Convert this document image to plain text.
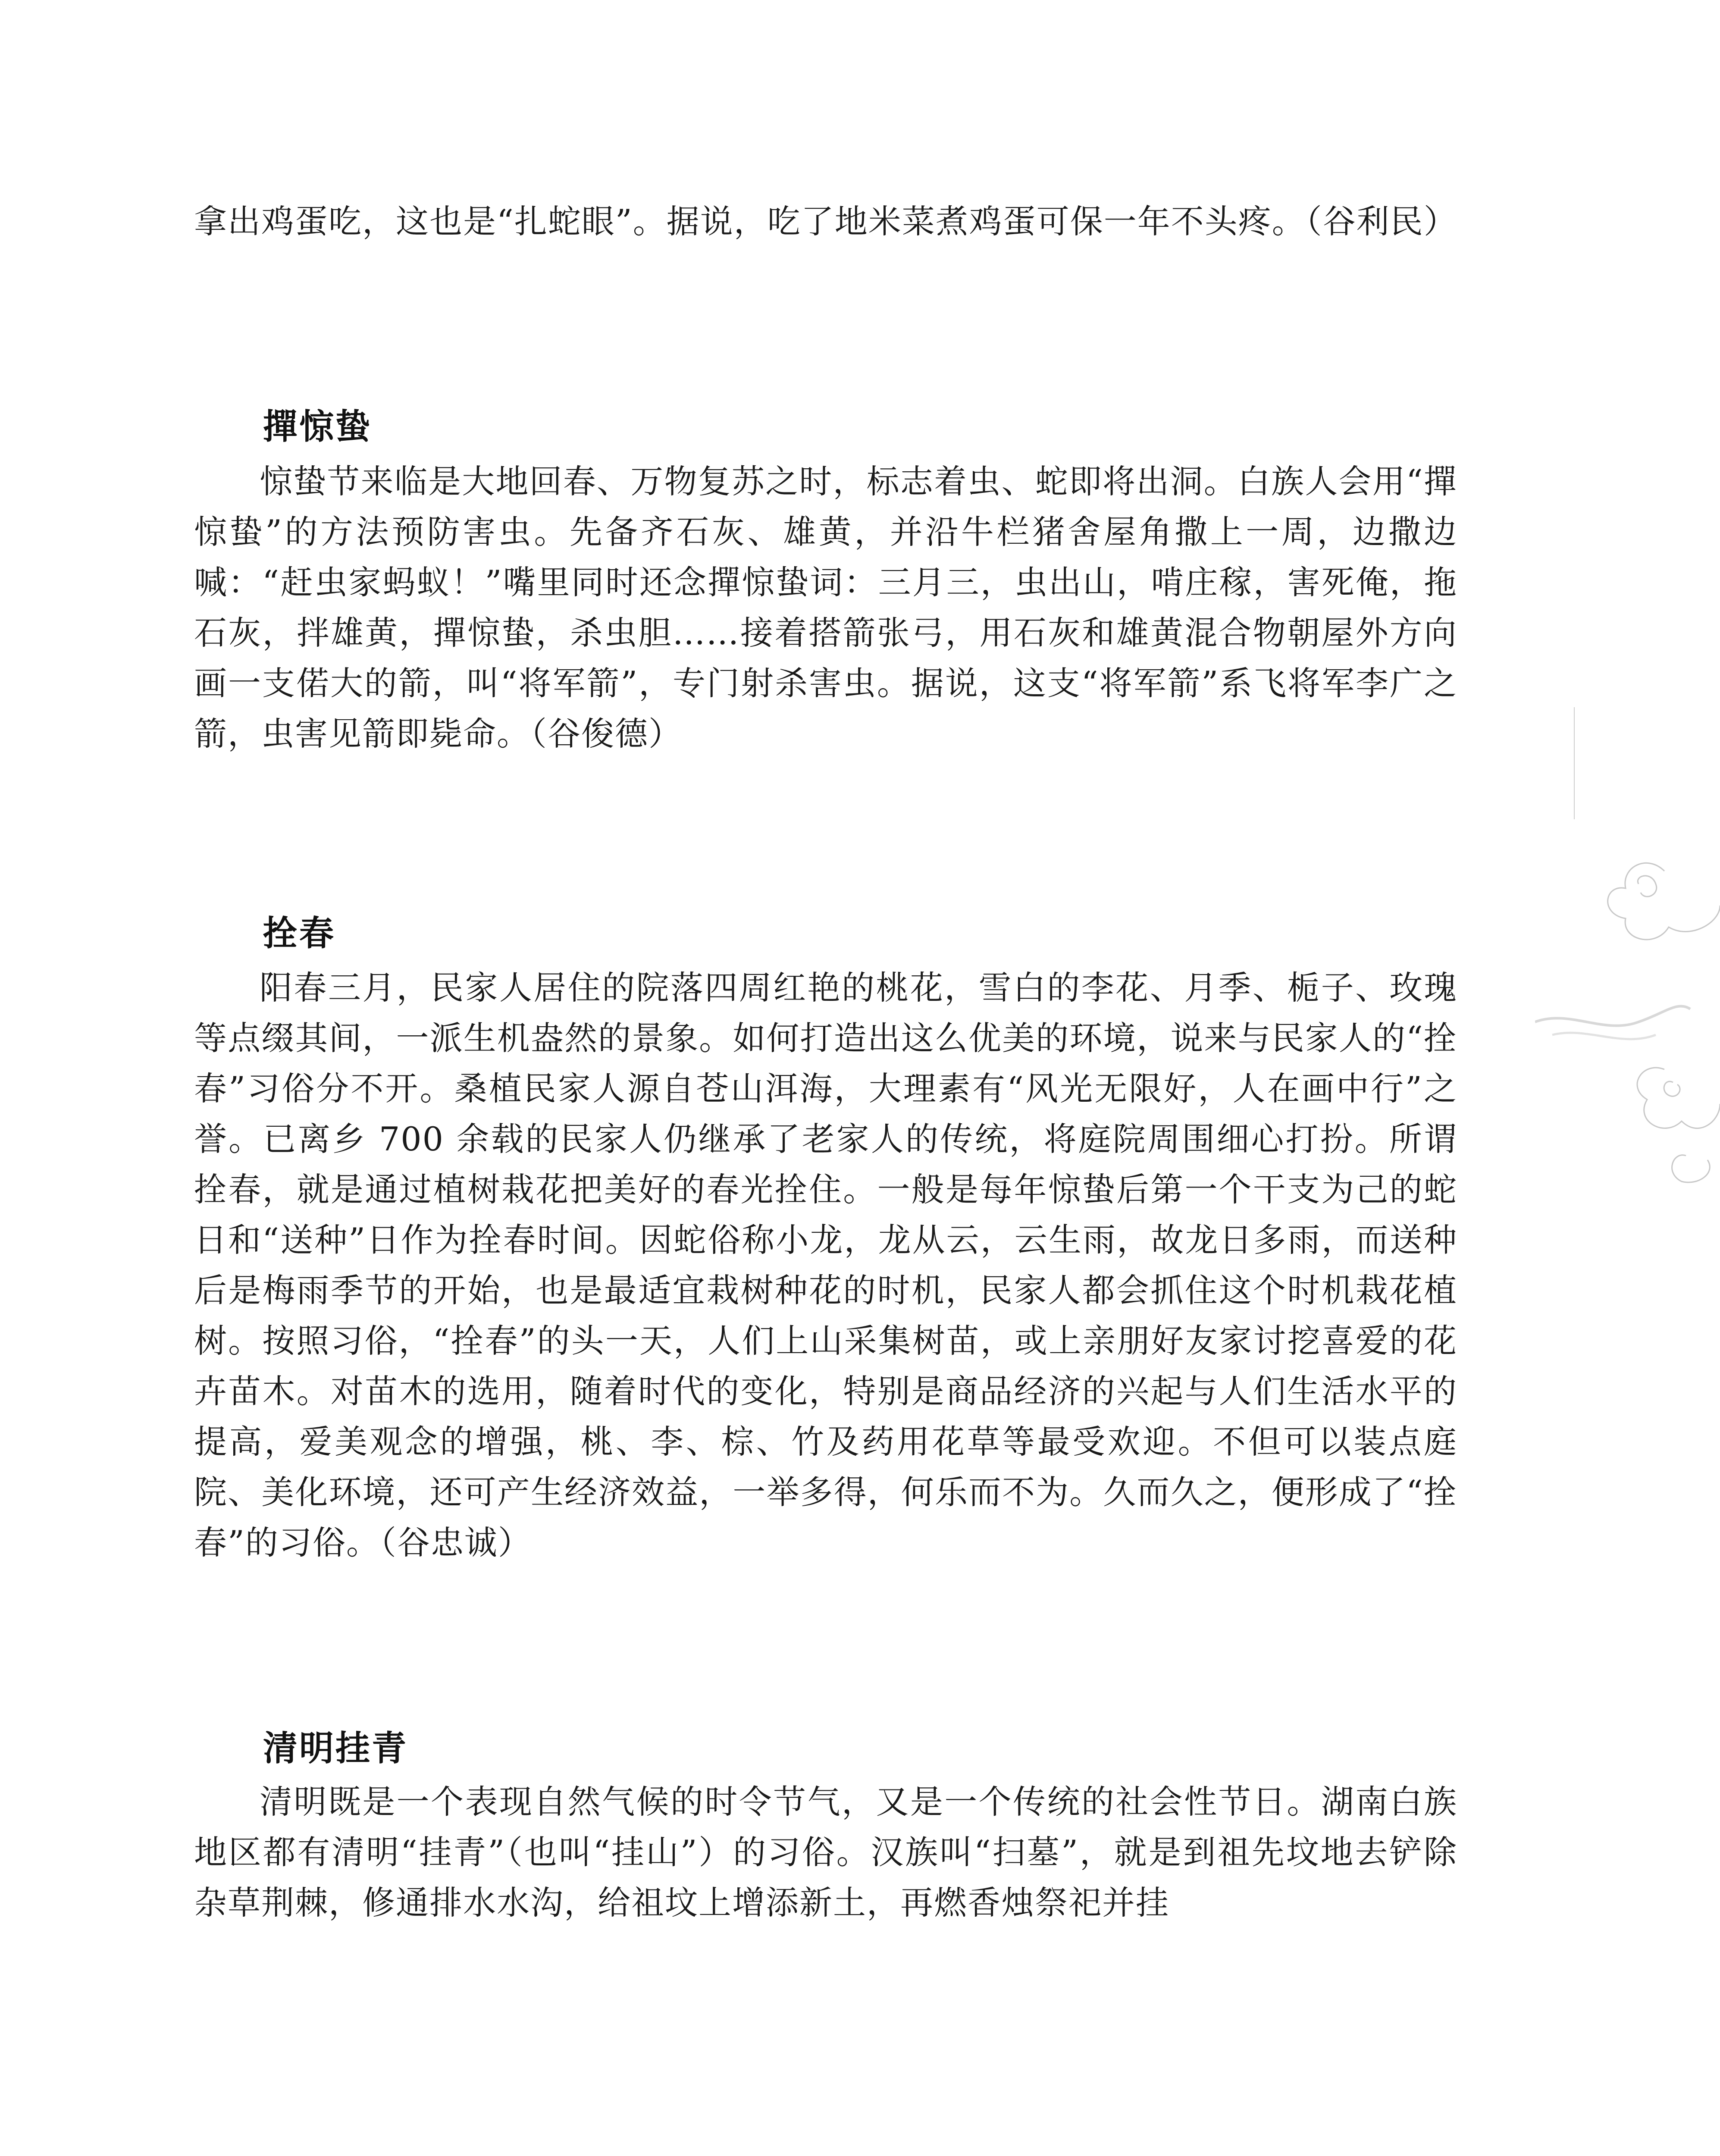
拿出鸡蛋吃，这也是“扎蛇眼”。据说，吃了地米菜煮鸡蛋可保一年不头疼。（谷利民）

撣惊蛰

惊蛰节来临是大地回春、万物复苏之时，标志着虫、蛇即将出洞。白族人会用“撣惊蛰”的方法预防害虫。先备齐石灰、雄黄，并沿牛栏猪舍屋角撒上一周，边撒边喊：“赶虫家蚂蚁！”嘴里同时还念撣惊蛰词：三月三，虫出山，啃庄稼，害死俺，拖石灰，拌雄黄，撣惊蛰，杀虫胆……接着搭箭张弓，用石灰和雄黄混合物朝屋外方向画一支偌大的箭，叫“将军箭”，专门射杀害虫。据说，这支“将军箭”系飞将军李广之箭，虫害见箭即毙命。（谷俊德）

拴春

阳春三月，民家人居住的院落四周红艳的桃花，雪白的李花、月季、栀子、玫瑰等点缀其间，一派生机盎然的景象。如何打造出这么优美的环境，说来与民家人的“拴春”习俗分不开。桑植民家人源自苍山洱海，大理素有“风光无限好，人在画中行”之誉。已离乡 700 余载的民家人仍继承了老家人的传统，将庭院周围细心打扮。所谓拴春，就是通过植树栽花把美好的春光拴住。一般是每年惊蛰后第一个干支为己的蛇日和“送种”日作为拴春时间。因蛇俗称小龙，龙从云，云生雨，故龙日多雨，而送种后是梅雨季节的开始，也是最适宜栽树种花的时机，民家人都会抓住这个时机栽花植树。按照习俗，“拴春”的头一天，人们上山采集树苗，或上亲朋好友家讨挖喜爱的花卉苗木。对苗木的选用，随着时代的变化，特别是商品经济的兴起与人们生活水平的提高，爱美观念的增强，桃、李、棕、竹及药用花草等最受欢迎。不但可以装点庭院、美化环境，还可产生经济效益，一举多得，何乐而不为。久而久之，便形成了“拴春”的习俗。（谷忠诚）

清明挂青

清明既是一个表现自然气候的时令节气，又是一个传统的社会性节日。湖南白族地区都有清明“挂青”（也叫“挂山”）的习俗。汉族叫“扫墓”，就是到祖先坟地去铲除杂草荆棘，修通排水水沟，给祖坟上增添新土，再燃香烛祭祀并挂
